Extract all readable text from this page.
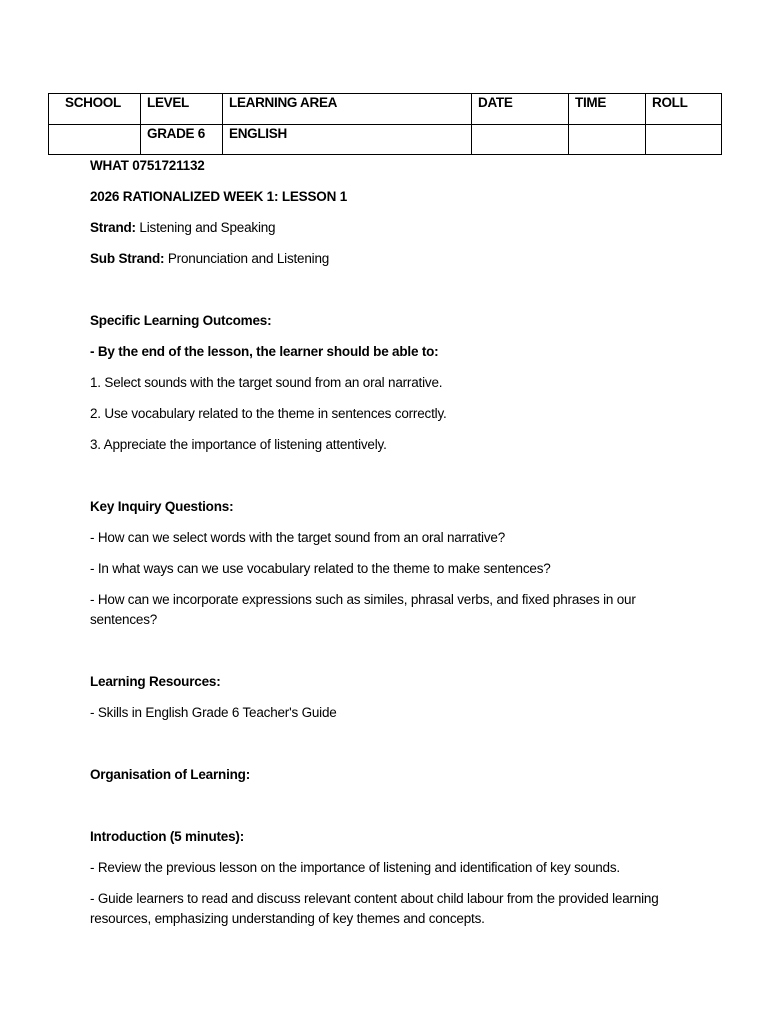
SCHOOL	LEVEL	LEARNING AREA	DATE	TIME	ROLL
	GRADE 6	ENGLISH			

WHAT 0751721132

2026 RATIONALIZED WEEK 1: LESSON 1

Strand: Listening and Speaking

Sub Strand: Pronunciation and Listening

Specific Learning Outcomes:

- By the end of the lesson, the learner should be able to:

1. Select sounds with the target sound from an oral narrative.

2. Use vocabulary related to the theme in sentences correctly.

3. Appreciate the importance of listening attentively.

Key Inquiry Questions:

- How can we select words with the target sound from an oral narrative?

- In what ways can we use vocabulary related to the theme to make sentences?

- How can we incorporate expressions such as similes, phrasal verbs, and fixed phrases in our sentences?

Learning Resources:

- Skills in English Grade 6 Teacher's Guide

Organisation of Learning:

Introduction (5 minutes):

- Review the previous lesson on the importance of listening and identification of key sounds.

- Guide learners to read and discuss relevant content about child labour from the provided learning resources, emphasizing understanding of key themes and concepts.
